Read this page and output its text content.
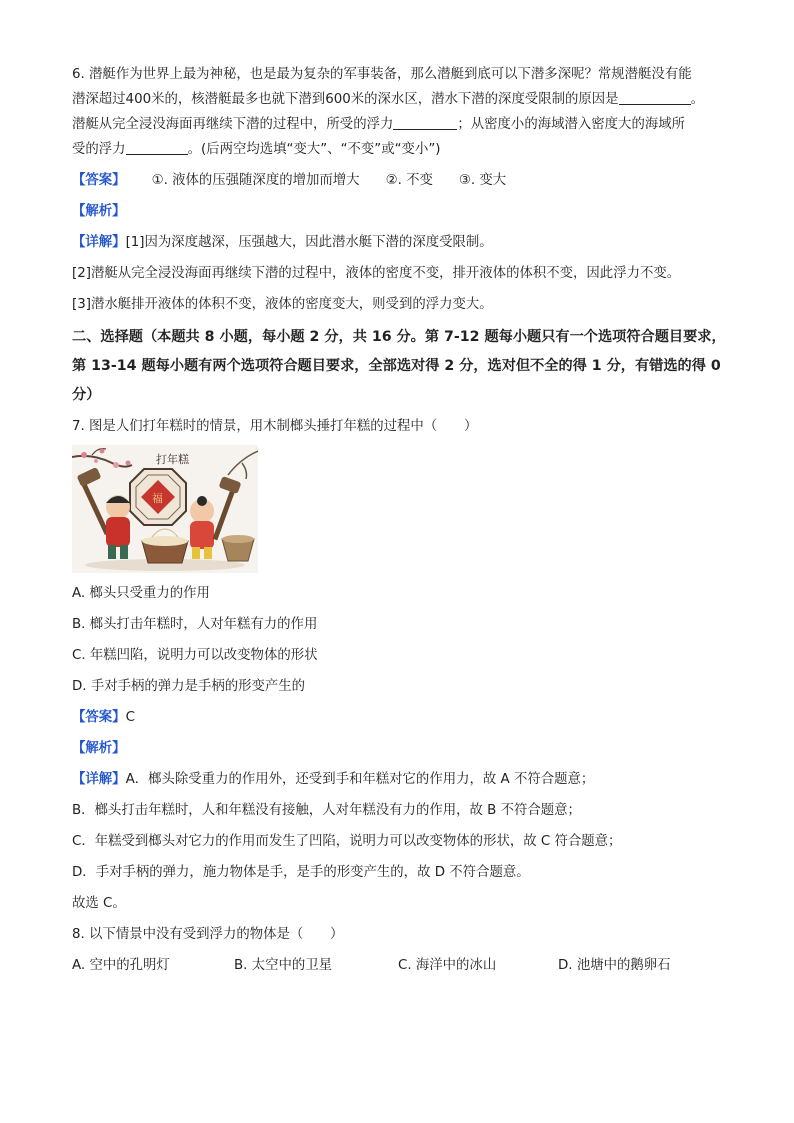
6. 潜艇作为世界上最为神秘，也是最为复杂的军事装备，那么潜艇到底可以下潜多深呢？常规潜艇没有能
潜深超过400米的，核潜艇最多也就下潜到600米的深水区，潜水下潜的深度受限制的原因是	。
潜艇从完全浸没海面再继续下潜的过程中，所受的浮力	；从密度小的海域潜入密度大的海域所
受的浮力	。(后两空均选填“变大”、“不变”或“变小”)
【答案】 ①. 液体的压强随深度的增加而增大 ②. 不变 ③. 变大
【解析】
【详解】[1]因为深度越深，压强越大，因此潜水艇下潜的深度受限制。
[2]潜艇从完全浸没海面再继续下潜的过程中，液体的密度不变，排开液体的体积不变，因此浮力不变。
[3]潜水艇排开液体的体积不变，液体的密度变大，则受到的浮力变大。
二、选择题（本题共 8 小题，每小题 2 分，共 16 分。第 7-12 题每小题只有一个选项符合题目要求，第 13-14 题每小题有两个选项符合题目要求，全部选对得 2 分，选对但不全的得 1 分，有错选的得 0 分）
7. 图是人们打年糕时的情景，用木制榔头捶打年糕的过程中（　　）
打年糕
福
A. 榔头只受重力的作用
B. 榔头打击年糕时，人对年糕有力的作用
C. 年糕凹陷，说明力可以改变物体的形状
D. 手对手柄的弹力是手柄的形变产生的
【答案】C
【解析】
【详解】A．榔头除受重力的作用外，还受到手和年糕对它的作用力，故 A 不符合题意；
B．榔头打击年糕时，人和年糕没有接触，人对年糕没有力的作用，故 B 不符合题意；
C．年糕受到榔头对它力的作用而发生了凹陷，说明力可以改变物体的形状，故 C 符合题意；
D．手对手柄的弹力，施力物体是手，是手的形变产生的，故 D 不符合题意。
故选 C。
8. 以下情景中没有受到浮力的物体是（　　）
A. 空中的孔明灯	B. 太空中的卫星	C. 海洋中的冰山	D. 池塘中的鹅卵石
